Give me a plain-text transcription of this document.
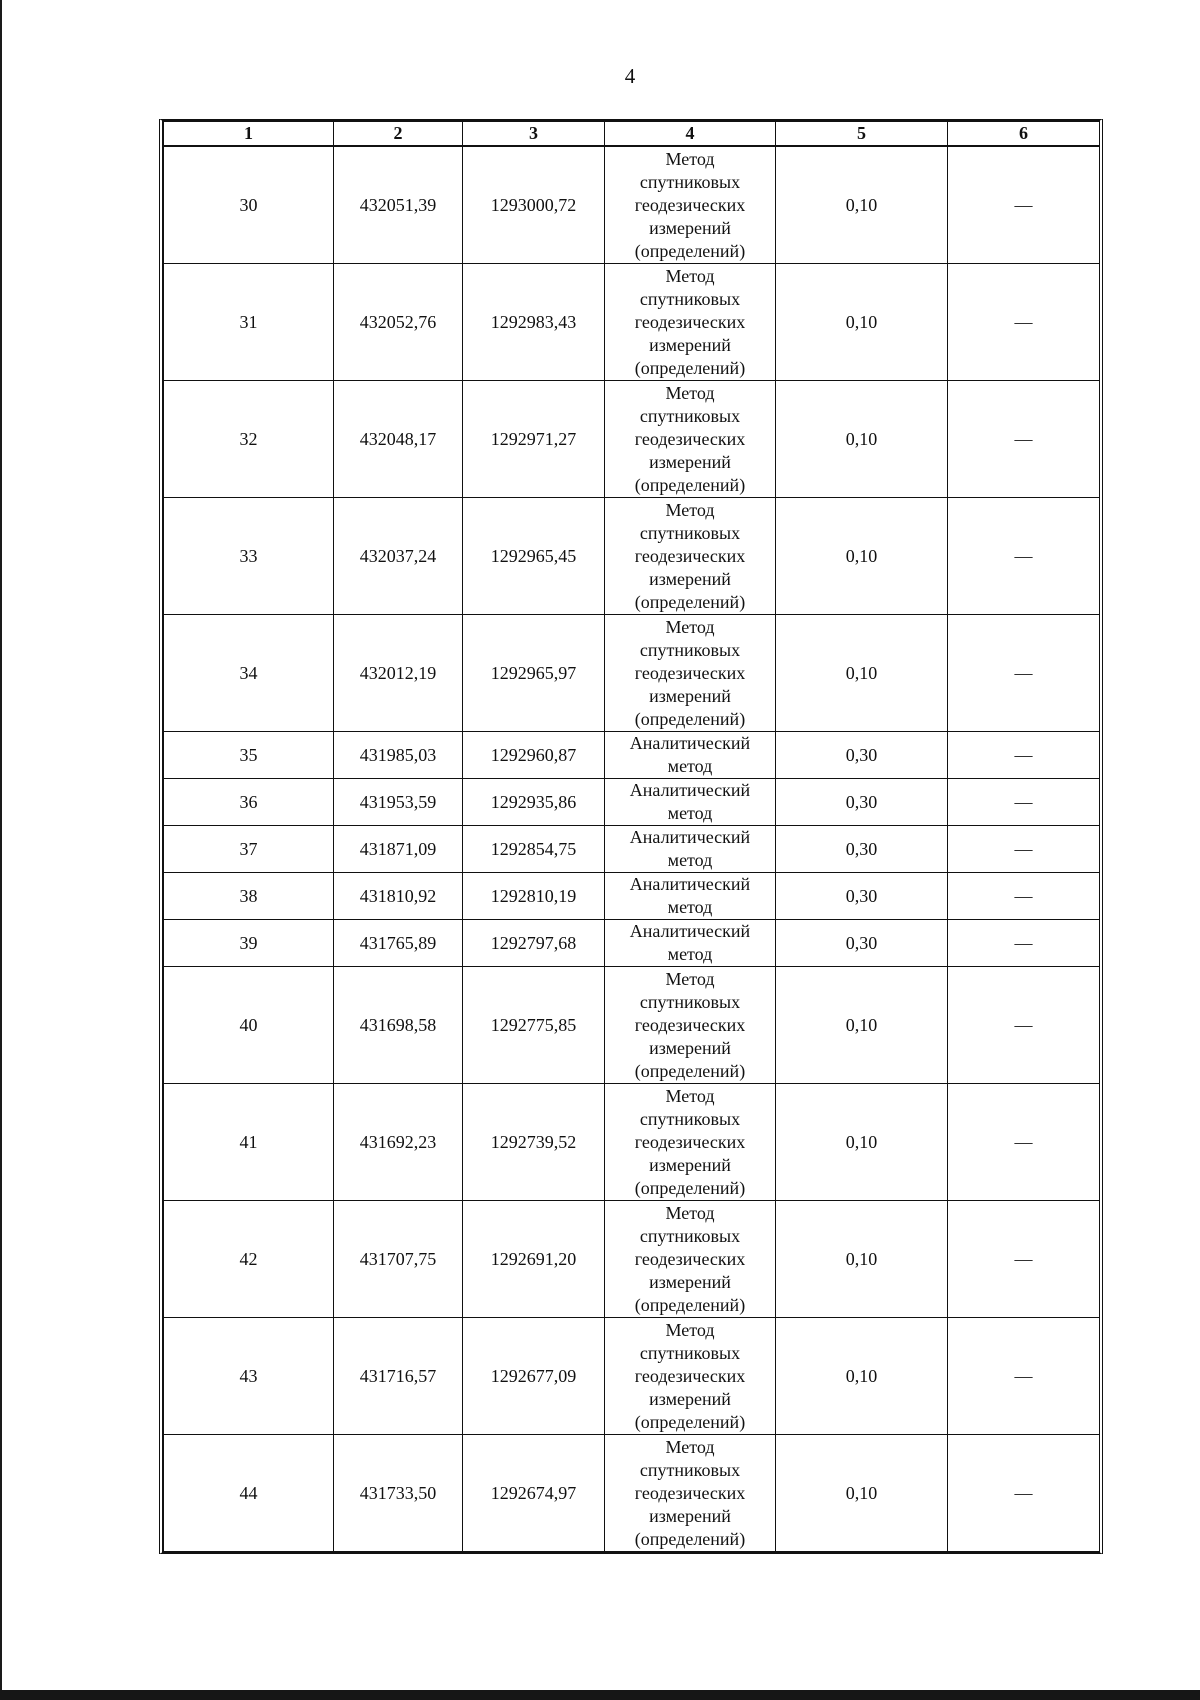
4
1	2	3	4	5	6
30	432051,39	1293000,72	Метод
спутниковых
геодезических
измерений
(определений)	0,10	—
31	432052,76	1292983,43	Метод
спутниковых
геодезических
измерений
(определений)	0,10	—
32	432048,17	1292971,27	Метод
спутниковых
геодезических
измерений
(определений)	0,10	—
33	432037,24	1292965,45	Метод
спутниковых
геодезических
измерений
(определений)	0,10	—
34	432012,19	1292965,97	Метод
спутниковых
геодезических
измерений
(определений)	0,10	—
35	431985,03	1292960,87	Аналитический
метод	0,30	—
36	431953,59	1292935,86	Аналитический
метод	0,30	—
37	431871,09	1292854,75	Аналитический
метод	0,30	—
38	431810,92	1292810,19	Аналитический
метод	0,30	—
39	431765,89	1292797,68	Аналитический
метод	0,30	—
40	431698,58	1292775,85	Метод
спутниковых
геодезических
измерений
(определений)	0,10	—
41	431692,23	1292739,52	Метод
спутниковых
геодезических
измерений
(определений)	0,10	—
42	431707,75	1292691,20	Метод
спутниковых
геодезических
измерений
(определений)	0,10	—
43	431716,57	1292677,09	Метод
спутниковых
геодезических
измерений
(определений)	0,10	—
44	431733,50	1292674,97	Метод
спутниковых
геодезических
измерений
(определений)	0,10	—
